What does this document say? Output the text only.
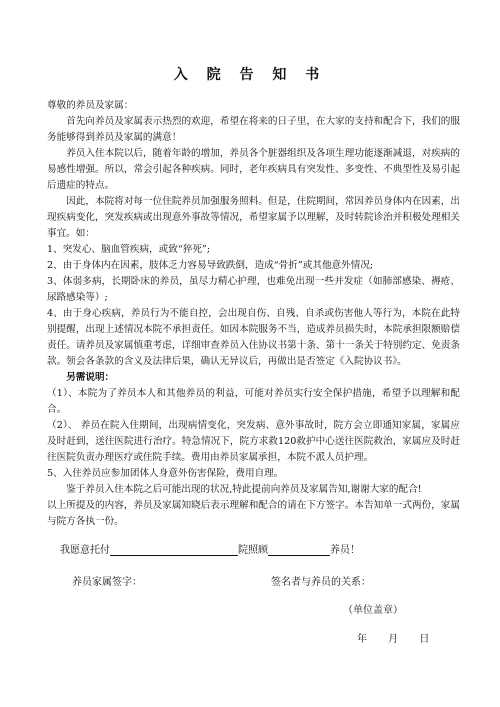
入 院 告 知 书

尊敬的养员及家属：

首先向养员及家属表示热烈的欢迎，希望在将来的日子里，在大家的支持和配合下，我们的服务能够得到养员及家属的满意！

养员入住本院以后，随着年龄的增加，养员各个脏器组织及各项生理功能逐渐减退，对疾病的易感性增强。所以，常会引起各种疾病。同时，老年疾病具有突发性、多变性、不典型性及易引起后遗症的特点。

因此，本院将对每一位住院养员加强服务照料。但是，住院期间，常因养员身体内在因素，出现疾病变化，突发疾病或出现意外事故等情况，希望家属予以理解，及时转院诊治并积极处理相关事宜。如：

1、突发心、脑血管疾病，或致“猝死”;

2、由于身体内在因素，肢体乏力容易导致跌倒，造成“骨折”或其他意外情况;

3、体弱多病，长期卧床的养员，虽尽力精心护理，也难免出现一些并发症（如肺部感染、褥疮、尿路感染等）;

4、由于身心疾病，养员行为不能自控，会出现自伤、自残、自杀或伤害他人等行为，本院在此特别提醒，出现上述情况本院不承担责任。如因本院服务不当，造成养员损失时，本院承担限额赔偿责任。请养员及家属慎重考虑，详细审查养员入住协议书第十条、第十一条关于特别约定、免责条款。领会各条款的含义及法律后果，确认无异议后，再做出是否签定《入院协议书》。

另需说明：

（1）、本院为了养员本人和其他养员的利益，可能对养员实行安全保护措施，希望予以理解和配合。

（2）、 养员在院入住期间，出现病情变化，突发病、意外事故时，院方会立即通知家属，家属应及时赶到，送往医院进行治疗。特急情况下，院方求救120救护中心送往医院救治，家属应及时赶往医院负责办理医疗或住院手续。费用由养员家属承担，本院不派人员护理。

5、入住养员应参加团体人身意外伤害保险，费用自理。

鉴于养员入住本院之后可能出现的状况,特此提前向养员及家属告知,谢谢大家的配合!

以上所提及的内容，养员及家属知晓后表示理解和配合的请在下方签字。本告知单一式两份，家属与院方各执一份。

我愿意托付	院照顾	养员！
养员家属签字：	签名者与养员的关系：
（单位盖章）
年 月 日
